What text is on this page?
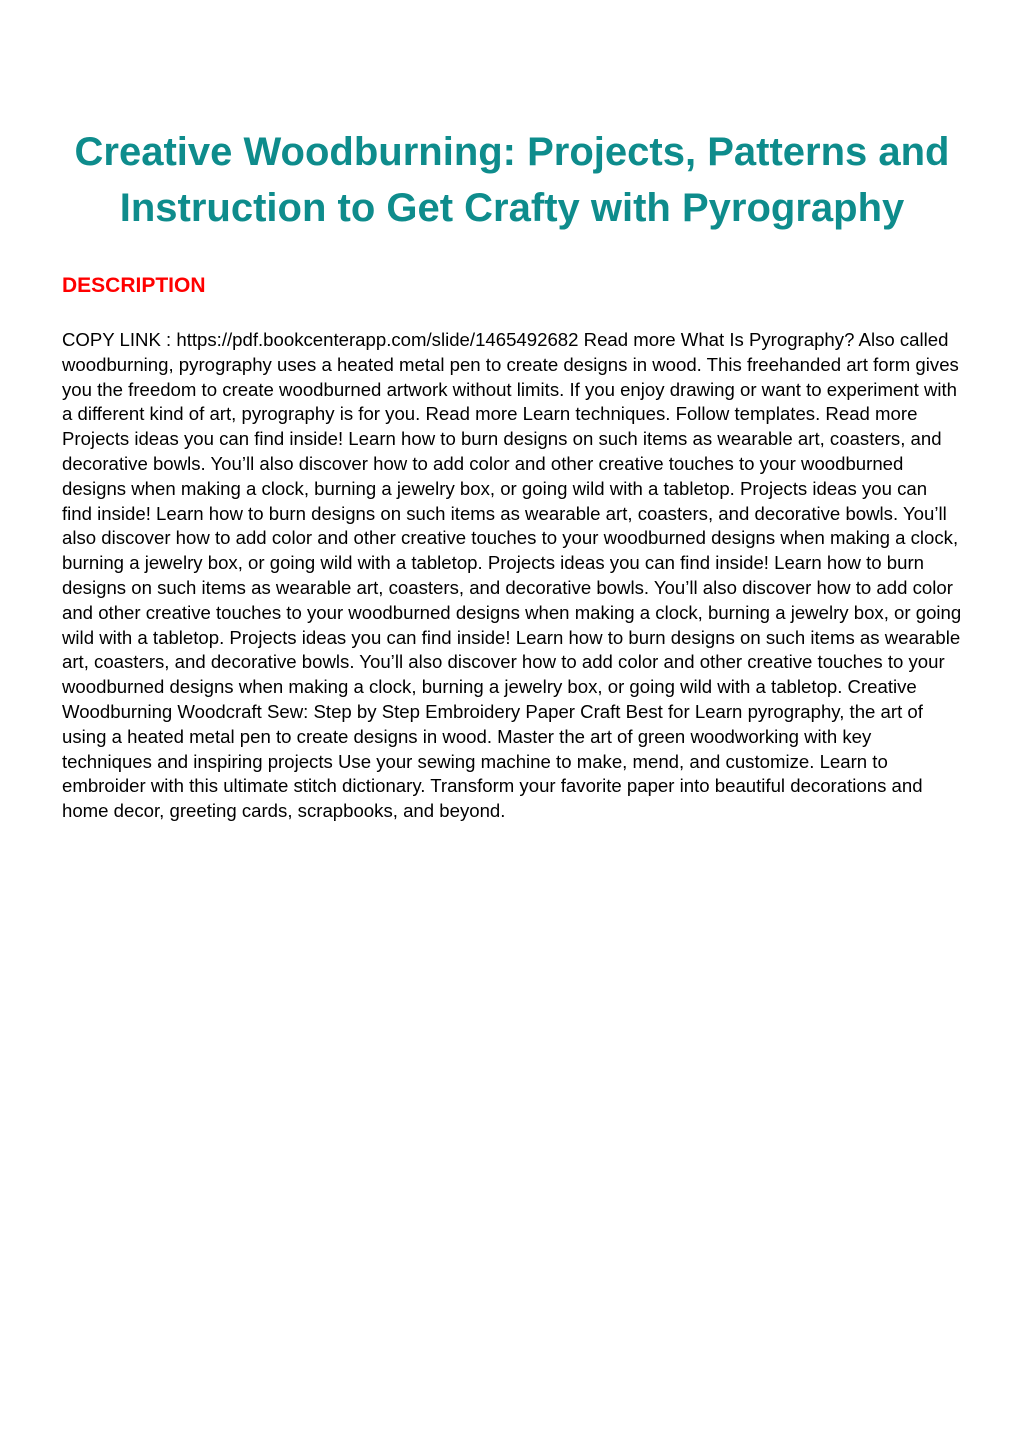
Creative Woodburning: Projects, Patterns and Instruction to Get Crafty with Pyrography
DESCRIPTION

COPY LINK : https://pdf.bookcenterapp.com/slide/1465492682 Read more What Is Pyrography? Also called woodburning, pyrography uses a heated metal pen to create designs in wood. This freehanded art form gives you the freedom to create woodburned artwork without limits. If you enjoy drawing or want to experiment with a different kind of art, pyrography is for you. Read more Learn techniques. Follow templates. Read more Projects ideas you can find inside! Learn how to burn designs on such items as wearable art, coasters, and decorative bowls. You’ll also discover how to add color and other creative touches to your woodburned designs when making a clock, burning a jewelry box, or going wild with a tabletop. Projects ideas you can find inside! Learn how to burn designs on such items as wearable art, coasters, and decorative bowls. You’ll also discover how to add color and other creative touches to your woodburned designs when making a clock, burning a jewelry box, or going wild with a tabletop. Projects ideas you can find inside! Learn how to burn designs on such items as wearable art, coasters, and decorative bowls. You’ll also discover how to add color and other creative touches to your woodburned designs when making a clock, burning a jewelry box, or going wild with a tabletop. Projects ideas you can find inside! Learn how to burn designs on such items as wearable art, coasters, and decorative bowls. You’ll also discover how to add color and other creative touches to your woodburned designs when making a clock, burning a jewelry box, or going wild with a tabletop. Creative Woodburning Woodcraft Sew: Step by Step Embroidery Paper Craft Best for Learn pyrography, the art of using a heated metal pen to create designs in wood. Master the art of green woodworking with key techniques and inspiring projects Use your sewing machine to make, mend, and customize. Learn to embroider with this ultimate stitch dictionary. Transform your favorite paper into beautiful decorations and home decor, greeting cards, scrapbooks, and beyond.
